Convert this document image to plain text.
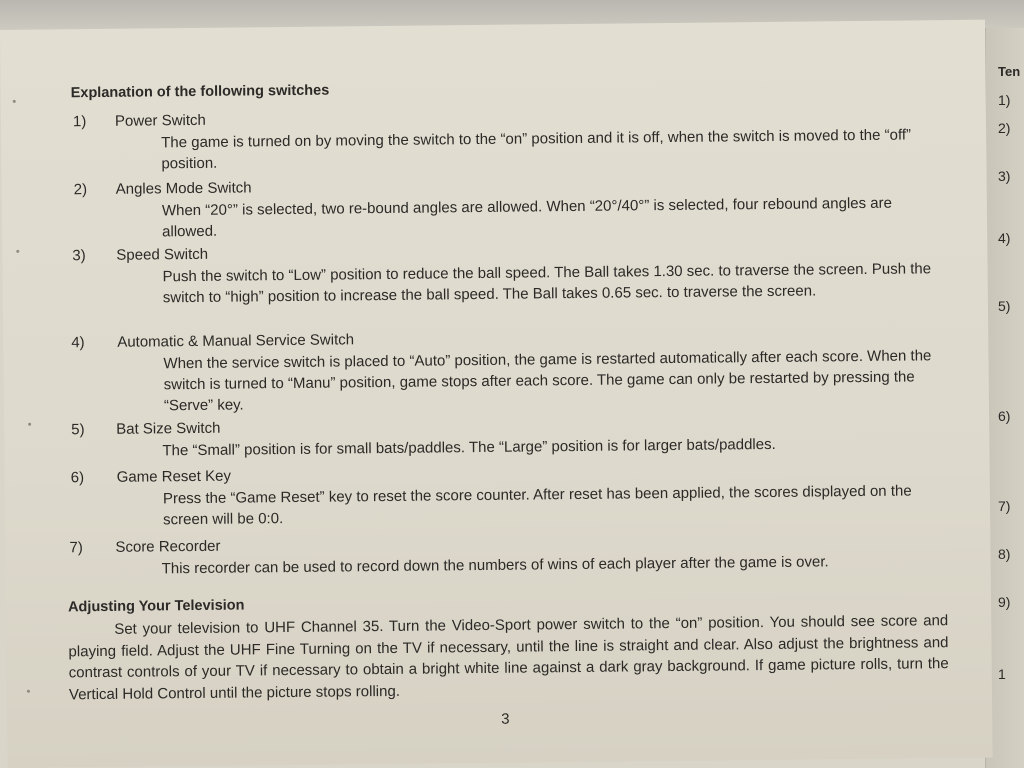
Ten
1)
2)
3)
4)
5)
6)
7)
8)
9)
1
Explanation of the following switches
1) Power Switch
The game is turned on by moving the switch to the “on” position and it is off, when the switch is moved to the “off” position.
2) Angles Mode Switch
When “20°” is selected, two re-bound angles are allowed. When “20°/40°” is selected, four rebound angles are allowed.
3) Speed Switch
Push the switch to “Low” position to reduce the ball speed. The Ball takes 1.30 sec. to traverse the screen. Push the switch to “high” position to increase the ball speed. The Ball takes 0.65 sec. to traverse the screen.
4) Automatic & Manual Service Switch
When the service switch is placed to “Auto” position, the game is restarted automatically after each score. When the switch is turned to “Manu” position, game stops after each score. The game can only be restarted by pressing the “Serve” key.
5) Bat Size Switch
The “Small” position is for small bats/paddles. The “Large” position is for larger bats/paddles.
6) Game Reset Key
Press the “Game Reset” key to reset the score counter. After reset has been applied, the scores displayed on the screen will be 0:0.
7) Score Recorder
This recorder can be used to record down the numbers of wins of each player after the game is over.
Adjusting Your Television
Set your television to UHF Channel 35. Turn the Video-Sport power switch to the “on” position. You should see score and playing field. Adjust the UHF Fine Turning on the TV if necessary, until the line is straight and clear. Also adjust the brightness and contrast controls of your TV if necessary to obtain a bright white line against a dark gray background. If game picture rolls, turn the Vertical Hold Control until the picture stops rolling.
3
